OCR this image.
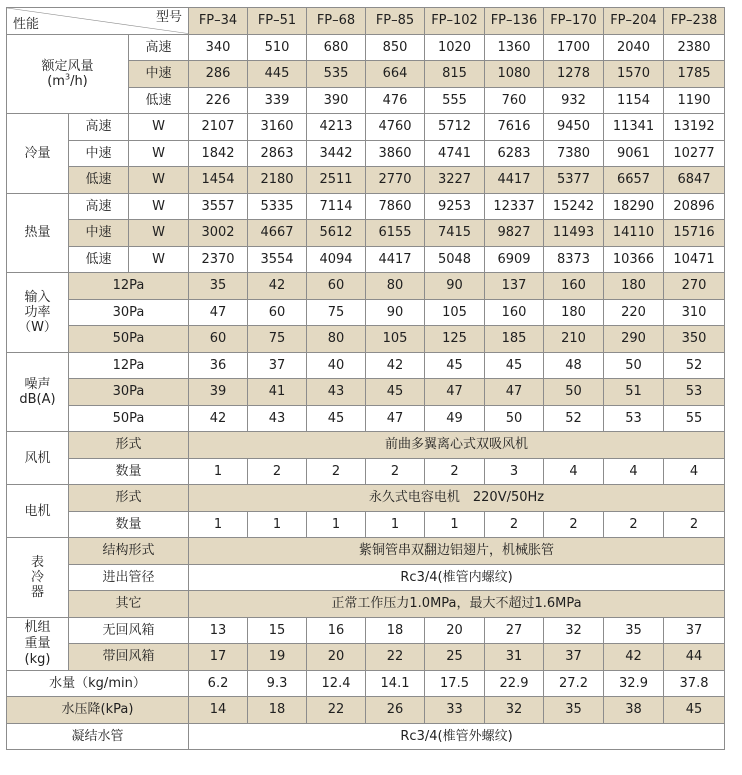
型号
性能			FP–34	FP–51	FP–68	FP–85	FP–102	FP–136	FP–170	FP–204	FP–238
额定风量
$(m^3/h)$		高速	340	510	680	850	1020	1360	1700	2040	2380
		中速	286	445	535	664	815	1080	1278	1570	1785
		低速	226	339	390	476	555	760	932	1154	1190
冷量	高速	W	2107	3160	4213	4760	5712	7616	9450	11341	13192
	中速	W	1842	2863	3442	3860	4741	6283	7380	9061	10277
	低速	W	1454	2180	2511	2770	3227	4417	5377	6657	6847
热量	高速	W	3557	5335	7114	7860	9253	12337	15242	18290	20896
	中速	W	3002	4667	5612	6155	7415	9827	11493	14110	15716
	低速	W	2370	3554	4094	4417	5048	6909	8373	10366	10471
输入
功率
（W）	12Pa		35	42	60	80	90	137	160	180	270
	30Pa		47	60	75	90	105	160	180	220	310
	50Pa		60	75	80	105	125	185	210	290	350
噪声
dB(A)	12Pa		36	37	40	42	45	45	48	50	52
	30Pa		39	41	43	45	47	47	50	51	53
	50Pa		42	43	45	47	49	50	52	53	55
风机	形式		前曲多翼离心式双吸风机								
	数量		1	2	2	2	2	3	4	4	4
电机	形式		永久式电容电机　220V/50Hz								
	数量		1	1	1	1	1	2	2	2	2
表
冷
器	结构形式		紫铜管串双翻边铝翅片，机械胀管								
	进出管径		Rc3/4(椎管内螺纹)								
	其它		正常工作压力1.0MPa，最大不超过1.6MPa								
机组
重量
(kg)	无回风箱		13	15	16	18	20	27	32	35	37
	带回风箱		17	19	20	22	25	31	37	42	44
水量（kg/min）			6.2	9.3	12.4	14.1	17.5	22.9	27.2	32.9	37.8
水压降(kPa)			14	18	22	26	33	32	35	38	45
凝结水管			Rc3/4(椎管外螺纹)								
